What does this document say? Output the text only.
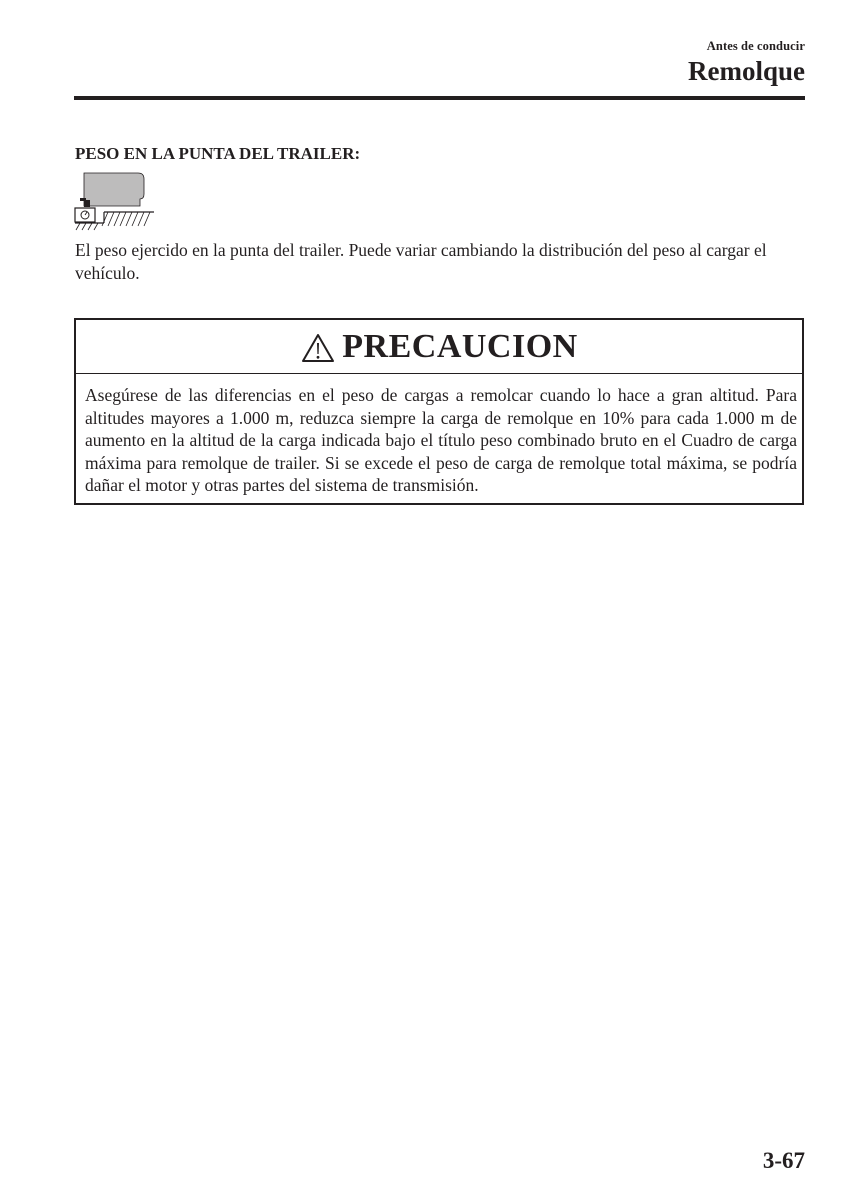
Antes de conducir
Remolque
PESO EN LA PUNTA DEL TRAILER:
El peso ejercido en la punta del trailer. Puede variar cambiando la distribución del peso al cargar el vehículo.
PRECAUCION
Asegúrese de las diferencias en el peso de cargas a remolcar cuando lo hace a gran altitud. Para altitudes mayores a 1.000 m, reduzca siempre la carga de remolque en 10% para cada 1.000 m de aumento en la altitud de la carga indicada bajo el título peso combinado bruto en el Cuadro de carga máxima para remolque de trailer. Si se excede el peso de carga de remolque total máxima, se podría dañar el motor y otras partes del sistema de transmisión.
3-67
